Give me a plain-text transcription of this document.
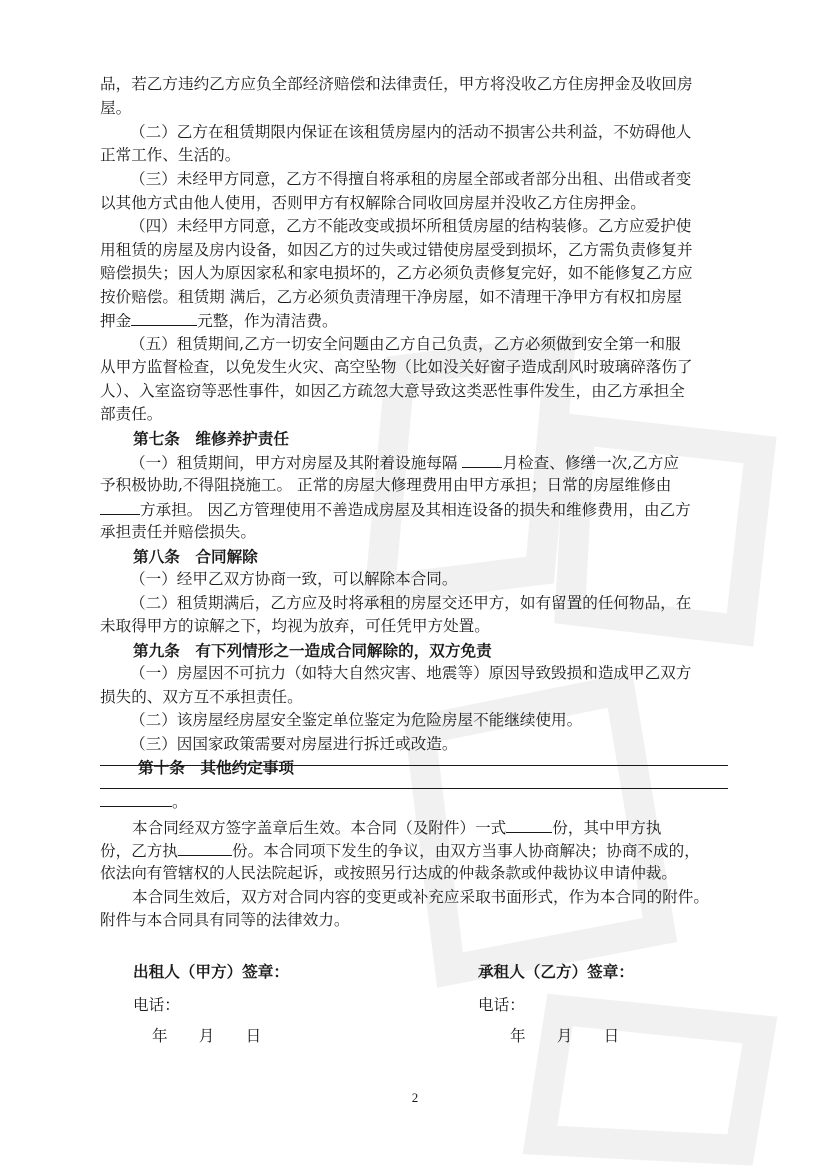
品，若乙方违约乙方应负全部经济赔偿和法律责任，甲方将没收乙方住房押金及收回房
屋。
（二）乙方在租赁期限内保证在该租赁房屋内的活动不损害公共利益，不妨碍他人
正常工作、生活的。
（三）未经甲方同意，乙方不得擅自将承租的房屋全部或者部分出租、出借或者变
以其他方式由他人使用，否则甲方有权解除合同收回房屋并没收乙方住房押金。
（四）未经甲方同意，乙方不能改变或损坏所租赁房屋的结构装修。乙方应爱护使
用租赁的房屋及房内设备，如因乙方的过失或过错使房屋受到损坏，乙方需负责修复并
赔偿损失；因人为原因家私和家电损坏的，乙方必须负责修复完好，如不能修复乙方应
按价赔偿。租赁期 满后，乙方必须负责清理干净房屋，如不清理干净甲方有权扣房屋
押金	元整，作为清洁费。
（五）租赁期间,乙方一切安全问题由乙方自己负责，乙方必须做到安全第一和服
从甲方监督检查，以免发生火灾、高空坠物（比如没关好窗子造成刮风时玻璃碎落伤了
人）、入室盗窃等恶性事件，如因乙方疏忽大意导致这类恶性事件发生，由乙方承担全
部责任。
第七条　维修养护责任
（一）租赁期间，甲方对房屋及其附着设施每隔	月检查、修缮一次,乙方应
予积极协助,不得阻挠施工。 正常的房屋大修理费用由甲方承担；日常的房屋维修由
方承担。 因乙方管理使用不善造成房屋及其相连设备的损失和维修费用，由乙方
承担责任并赔偿损失。
第八条　合同解除
（一）经甲乙双方协商一致，可以解除本合同。
（二）租赁期满后，乙方应及时将承租的房屋交还甲方，如有留置的任何物品，在
未取得甲方的谅解之下，均视为放弃，可任凭甲方处置。
第九条　有下列情形之一造成合同解除的，双方免责
（一）房屋因不可抗力（如特大自然灾害、地震等）原因导致毁损和造成甲乙双方
损失的、双方互不承担责任。
（二）该房屋经房屋安全鉴定单位鉴定为危险房屋不能继续使用。
（三）因国家政策需要对房屋进行拆迁或改造。
第十条　其他约定事项
。
本合同经双方签字盖章后生效。本合同（及附件）一式	份，其中甲方执
份，乙方执	份。本合同项下发生的争议，由双方当事人协商解决；协商不成的，
依法向有管辖权的人民法院起诉，或按照另行达成的仲裁条款或仲裁协议申请仲裁。
本合同生效后，双方对合同内容的变更或补充应采取书面形式，作为本合同的附件。
附件与本合同具有同等的法律效力。
出租人（甲方）签章：	承租人（乙方）签章：
电话：	电话：
年　　月　　日	年　　月　　日
2
